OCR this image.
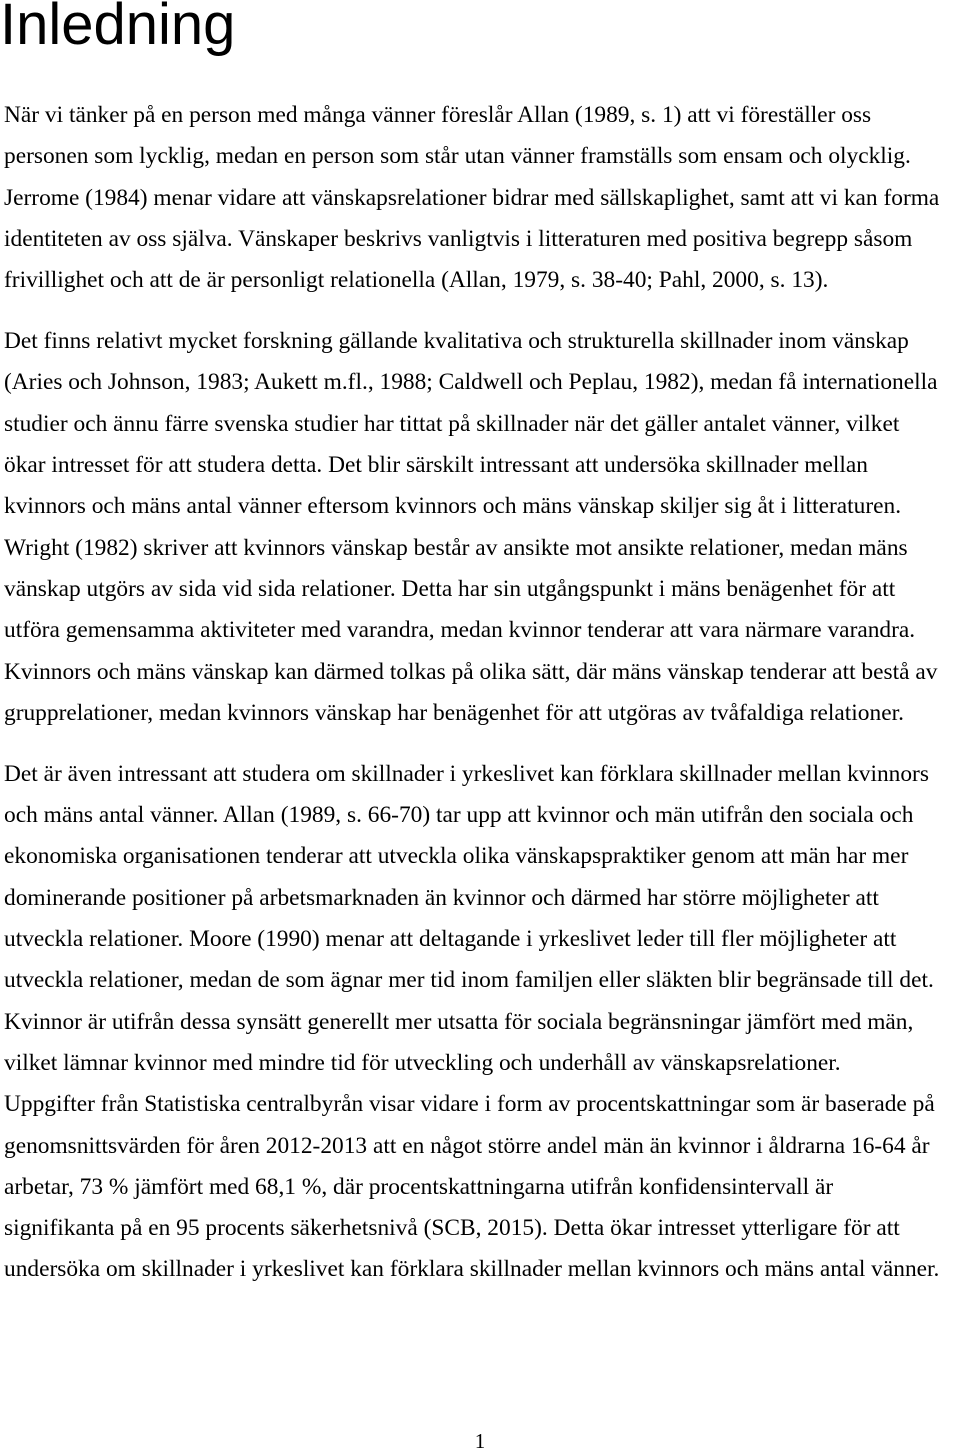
Inledning
När vi tänker på en person med många vänner föreslår Allan (1989, s. 1) att vi föreställer oss
personen som lycklig, medan en person som står utan vänner framställs som ensam och olycklig.
Jerrome (1984) menar vidare att vänskapsrelationer bidrar med sällskaplighet, samt att vi kan forma
identiteten av oss själva. Vänskaper beskrivs vanligtvis i litteraturen med positiva begrepp såsom
frivillighet och att de är personligt relationella (Allan, 1979, s. 38-40; Pahl, 2000, s. 13).
Det finns relativt mycket forskning gällande kvalitativa och strukturella skillnader inom vänskap
(Aries och Johnson, 1983; Aukett m.fl., 1988; Caldwell och Peplau, 1982), medan få internationella
studier och ännu färre svenska studier har tittat på skillnader när det gäller antalet vänner, vilket
ökar intresset för att studera detta. Det blir särskilt intressant att undersöka skillnader mellan
kvinnors och mäns antal vänner eftersom kvinnors och mäns vänskap skiljer sig åt i litteraturen.
Wright (1982) skriver att kvinnors vänskap består av ansikte mot ansikte relationer, medan mäns
vänskap utgörs av sida vid sida relationer. Detta har sin utgångspunkt i mäns benägenhet för att
utföra gemensamma aktiviteter med varandra, medan kvinnor tenderar att vara närmare varandra.
Kvinnors och mäns vänskap kan därmed tolkas på olika sätt, där mäns vänskap tenderar att bestå av
grupprelationer, medan kvinnors vänskap har benägenhet för att utgöras av tvåfaldiga relationer.
Det är även intressant att studera om skillnader i yrkeslivet kan förklara skillnader mellan kvinnors
och mäns antal vänner. Allan (1989, s. 66-70) tar upp att kvinnor och män utifrån den sociala och
ekonomiska organisationen tenderar att utveckla olika vänskapspraktiker genom att män har mer
dominerande positioner på arbetsmarknaden än kvinnor och därmed har större möjligheter att
utveckla relationer. Moore (1990) menar att deltagande i yrkeslivet leder till fler möjligheter att
utveckla relationer, medan de som ägnar mer tid inom familjen eller släkten blir begränsade till det.
Kvinnor är utifrån dessa synsätt generellt mer utsatta för sociala begränsningar jämfört med män,
vilket lämnar kvinnor med mindre tid för utveckling och underhåll av vänskapsrelationer.
Uppgifter från Statistiska centralbyrån visar vidare i form av procentskattningar som är baserade på
genomsnittsvärden för åren 2012-2013 att en något större andel män än kvinnor i åldrarna 16-64 år
arbetar, 73 % jämfört med 68,1 %, där procentskattningarna utifrån konfidensintervall är
signifikanta på en 95 procents säkerhetsnivå (SCB, 2015). Detta ökar intresset ytterligare för att
undersöka om skillnader i yrkeslivet kan förklara skillnader mellan kvinnors och mäns antal vänner.
1
